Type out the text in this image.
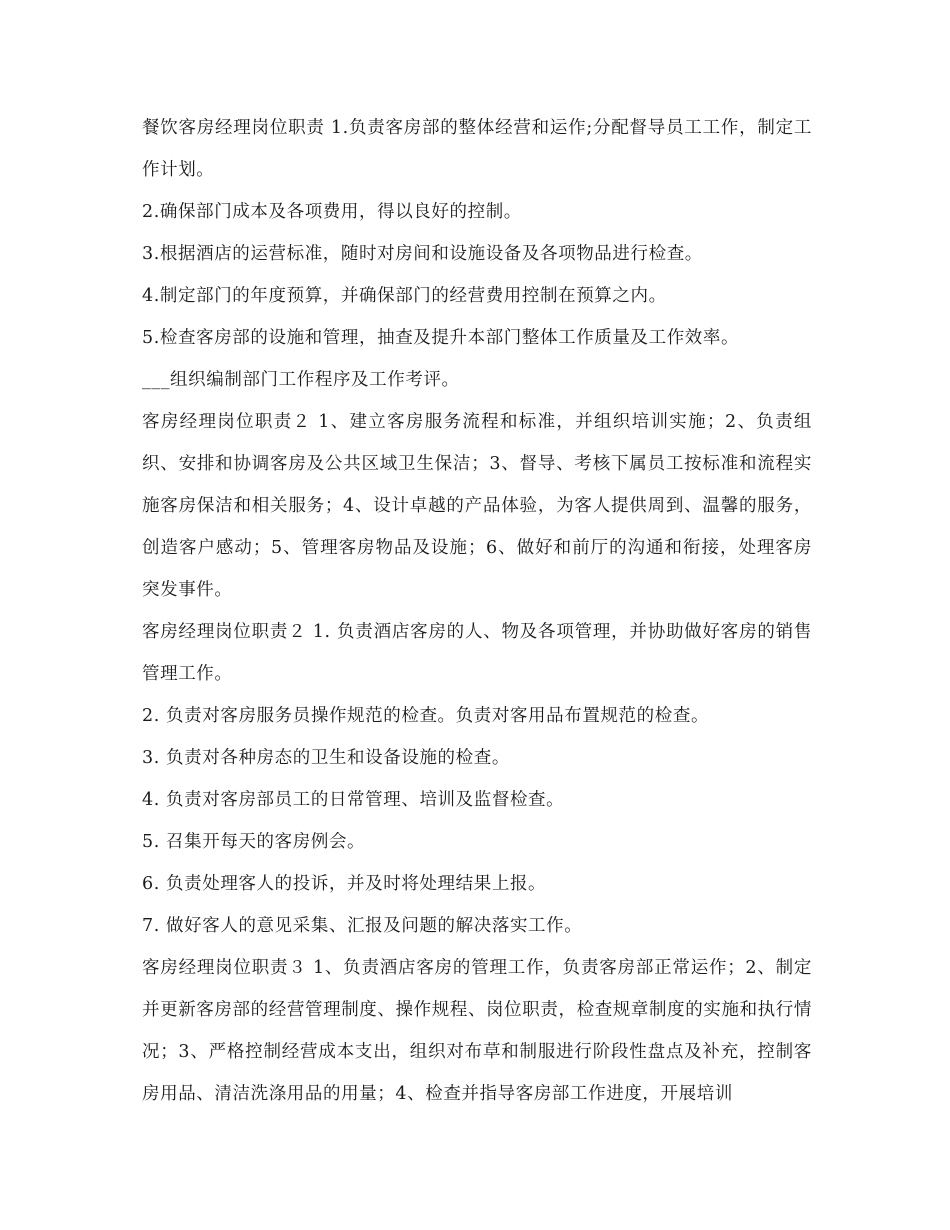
餐饮客房经理岗位职责 1.负责客房部的整体经营和运作;分配督导员工工作，制定工作计划。

2.确保部门成本及各项费用，得以良好的控制。

3.根据酒店的运营标准，随时对房间和设施设备及各项物品进行检查。

4.制定部门的年度预算，并确保部门的经营费用控制在预算之内。

5.检查客房部的设施和管理，抽查及提升本部门整体工作质量及工作效率。

___组织编制部门工作程序及工作考评。

客房经理岗位职责２ 1、建立客房服务流程和标准，并组织培训实施；2、负责组织、安排和协调客房及公共区域卫生保洁；3、督导、考核下属员工按标准和流程实施客房保洁和相关服务；4、设计卓越的产品体验，为客人提供周到、温馨的服务，创造客户感动；5、管理客房物品及设施；6、做好和前厅的沟通和衔接，处理客房突发事件。

客房经理岗位职责２ 1. 负责酒店客房的人、物及各项管理，并协助做好客房的销售管理工作。

2. 负责对客房服务员操作规范的检查。负责对客用品布置规范的检查。

3. 负责对各种房态的卫生和设备设施的检查。

4. 负责对客房部员工的日常管理、培训及监督检查。

5. 召集开每天的客房例会。

6. 负责处理客人的投诉，并及时将处理结果上报。

7. 做好客人的意见采集、汇报及问题的解决落实工作。

客房经理岗位职责３ 1、负责酒店客房的管理工作，负责客房部正常运作；2、制定并更新客房部的经营管理制度、操作规程、岗位职责，检查规章制度的实施和执行情况；3、严格控制经营成本支出，组织对布草和制服进行阶段性盘点及补充，控制客房用品、清洁洗涤用品的用量；4、检查并指导客房部工作进度，开展培训
